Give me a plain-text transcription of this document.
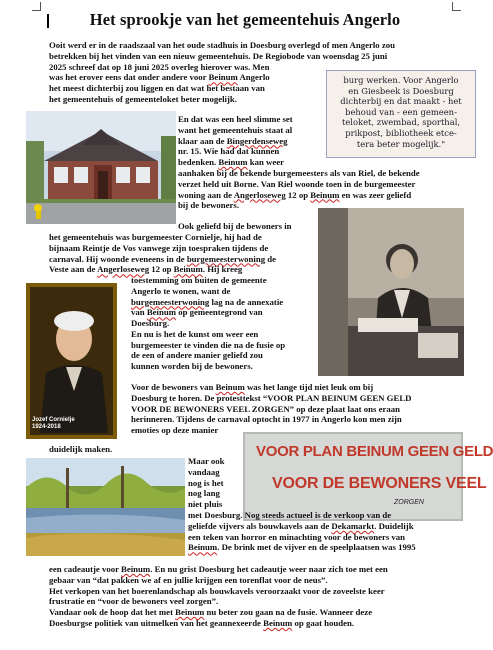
Het sprookje van het gemeentehuis Angerlo
Ooit werd er in de raadszaal van het oude stadhuis in Doesburg overlegd of men Angerlo zou
betrekken bij het vinden van een nieuw gemeentehuis. De Regiobode van woensdag 25 juni
2025 schreef dat op 18 juni 2025 overleg hierover was. Men
was het erover eens dat onder andere voor Beinum Angerlo
het meest dichterbij zou liggen en dat wat het bestaan van
het gemeentehuis of gemeenteloket beter mogelijk.
burg werken. Voor Angerlo
en Giesbeek is Doesburg
dichterbij en dat maakt - het
behoud van - een gemeen-
teloket, zwembad, sporthal,
prikpost, bibliotheek etce-
tera beter mogelijk."
En dat was een heel slimme set
want het gemeentehuis staat al
klaar aan de Bingerdenseweg
nr. 15. Wie had dat kunnen
bedenken. Beinum kan weer
aanhaken bij de bekende burgemeesters als van Riel, de bekende
verzet held uit Borne. Van Riel woonde toen in de burgemeester
woning aan de Angerloseweg 12 op Beinum en was zeer geliefd
bij de bewoners.
Ook geliefd bij de bewoners in
het gemeentehuis was burgemeester Cornielje, hij had de
bijnaam Reintje de Vos vanwege zijn toespraken tijdens de
carnaval. Hij woonde eveneens in de burgemeesterwoning de
Veste aan de Angerloseweg 12 op Beinum. Hij kreeg
Jozef Cornielje
1924-2018
toestemming om buiten de gemeente
Angerlo te wonen, want de
burgemeesterwoning lag na de annexatie
van Beinum op gemeentegrond van
Doesburg.
En nu is het de kunst om weer een
burgemeester te vinden die na de fusie op
de een of andere manier geliefd zou
kunnen worden bij de bewoners.
Voor de bewoners van Beinum was het lange tijd niet leuk om bij
Doesburg te horen. De protesttekst “VOOR PLAN BEINUM GEEN GELD
VOOR DE BEWONERS VEEL ZORGEN” op deze plaat laat ons eraan
herinneren. Tijdens de carnaval optocht in 1977 in Angerlo kon men zijn
emoties op deze manier
duidelijk maken.
Maar ook
vandaag
nog is het
nog lang
niet pluis
VOOR PLAN BEINUM GEEN GELD
VOOR DE BEWONERS VEEL
ZORGEN
met Doesburg. Nog steeds actueel is de verkoop van de
geliefde vijvers als bouwkavels aan de Dekamarkt. Duidelijk
een teken van horror en minachting voor de bewoners van
Beinum. De brink met de vijver en de speelplaatsen was 1995
een cadeautje voor Beinum. En nu grist Doesburg het cadeautje weer naar zich toe met een
gebaar van “dat pakken we af en jullie krijgen een torenflat voor de neus”.
Het verkopen van het boerenlandschap als bouwkavels veroorzaakt voor de zoveelste keer
frustratie en “voor de bewoners veel zorgen”.
Vandaar ook de hoop dat het met Beinum nu beter zou gaan na de fusie. Wanneer deze
Doesburgse politiek van uitmelken van het geannexeerde Beinum op gaat houden.
